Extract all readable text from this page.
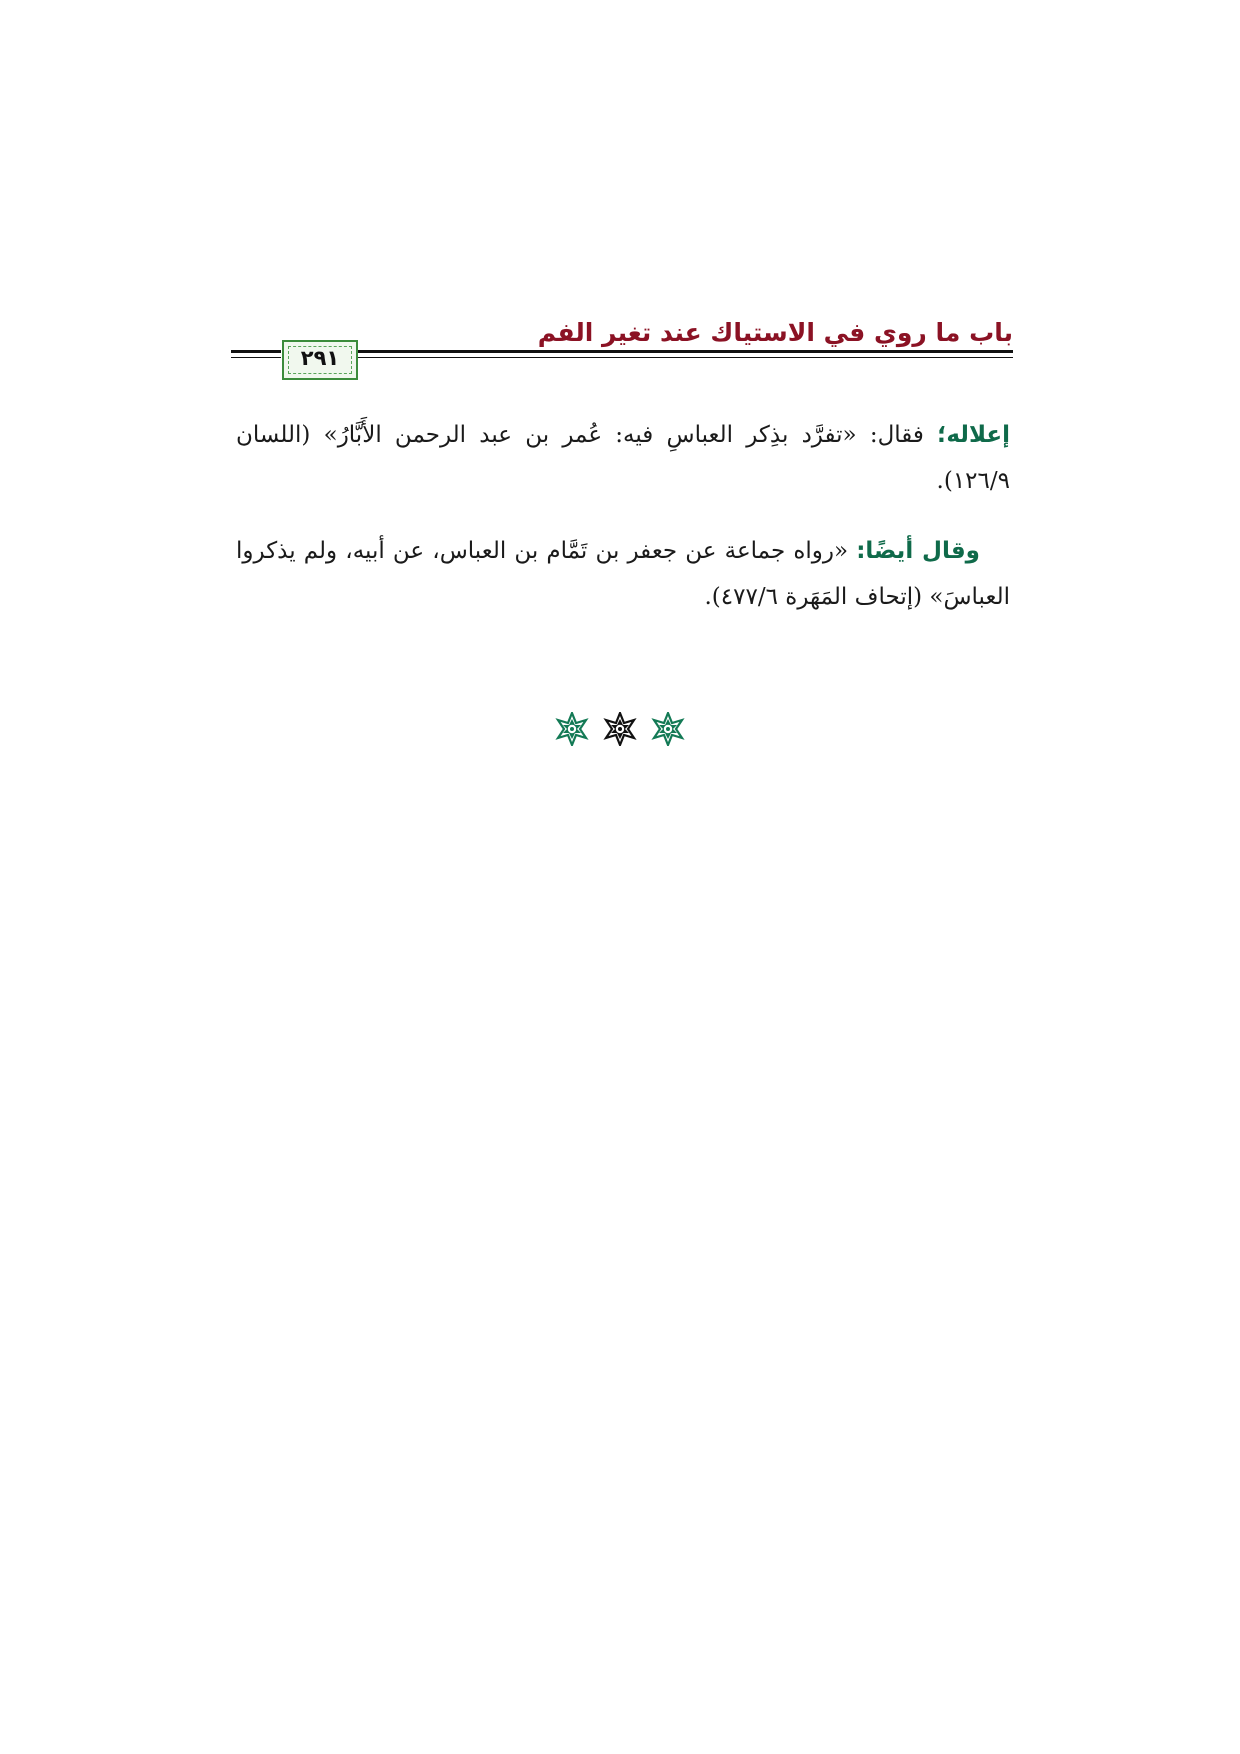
باب ما روي في الاستياك عند تغير الفم
٢٩١
إعلاله؛ فقال: «تفرَّد بذِكر العباسِ فيه: عُمر بن عبد الرحمن الأَبَّارُ» (اللسان ١٢٦/٩).
وقال أيضًا: «رواه جماعة عن جعفر بن تَمَّام بن العباس، عن أبيه، ولم يذكروا العباسَ» (إتحاف المَهَرة ٤٧٧/٦).
